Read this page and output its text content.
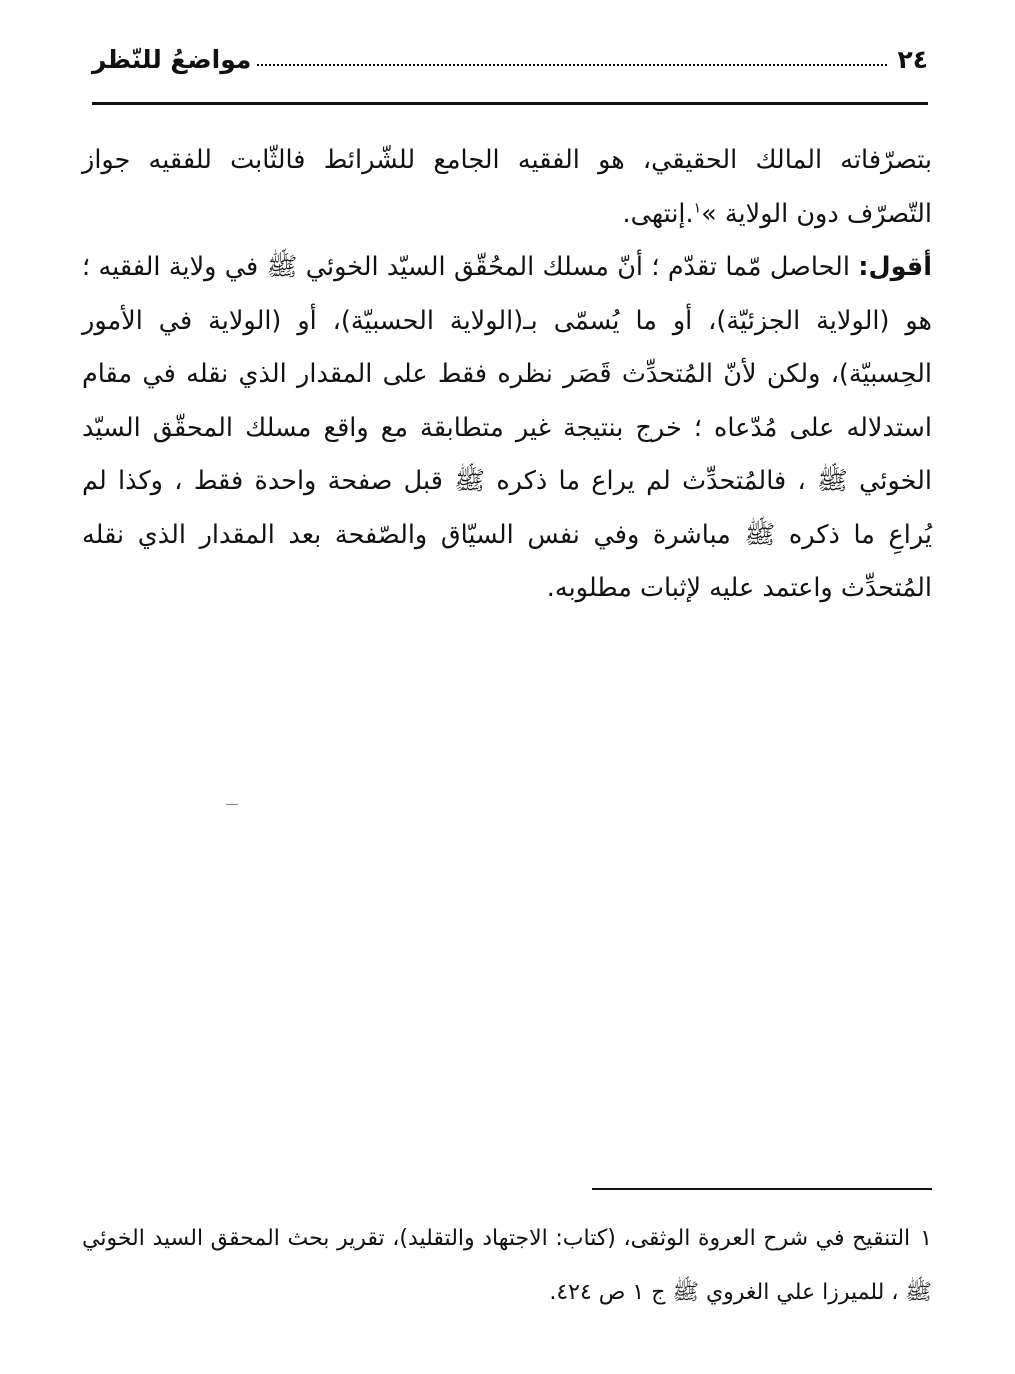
٢٤
مواضعُ للنّظر

بتصرّفاته المالك الحقيقي، هو الفقيه الجامع للشّرائط فالثّابت للفقيه جواز التّصرّف دون الولاية »$^١$.إنتهى.

أقول: الحاصل مّما تقدّم ؛ أنّ مسلك المحُقّق السيّد الخوئي ﷺ في ولاية الفقيه ؛ هو (الولاية الجزئيّة)، أو ما يُسمّى بـ(الولاية الحسبيّة)، أو (الولاية في الأمور الحِسبيّة)، ولكن لأنّ المُتحدِّث قَصَر نظره فقط على المقدار الذي نقله في مقام استدلاله على مُدّعاه ؛ خرج بنتيجة غير متطابقة مع واقع مسلك المحقّق السيّد الخوئي ﷺ ، فالمُتحدِّث لم يراع ما ذكره ﷺ قبل صفحة واحدة فقط ، وكذا لم يُراعِ ما ذكره ﷺ مباشرة وفي نفس السيّاق والصّفحة بعد المقدار الذي نقله المُتحدِّث واعتمد عليه لإثبات مطلوبه.

١التنقيح في شرح العروة الوثقى، (كتاب: الاجتهاد والتقليد)، تقرير بحث المحقق السيد الخوئي ﷺ ، للميرزا علي الغروي ﷺ ج ١ ص ٤٢٤.
